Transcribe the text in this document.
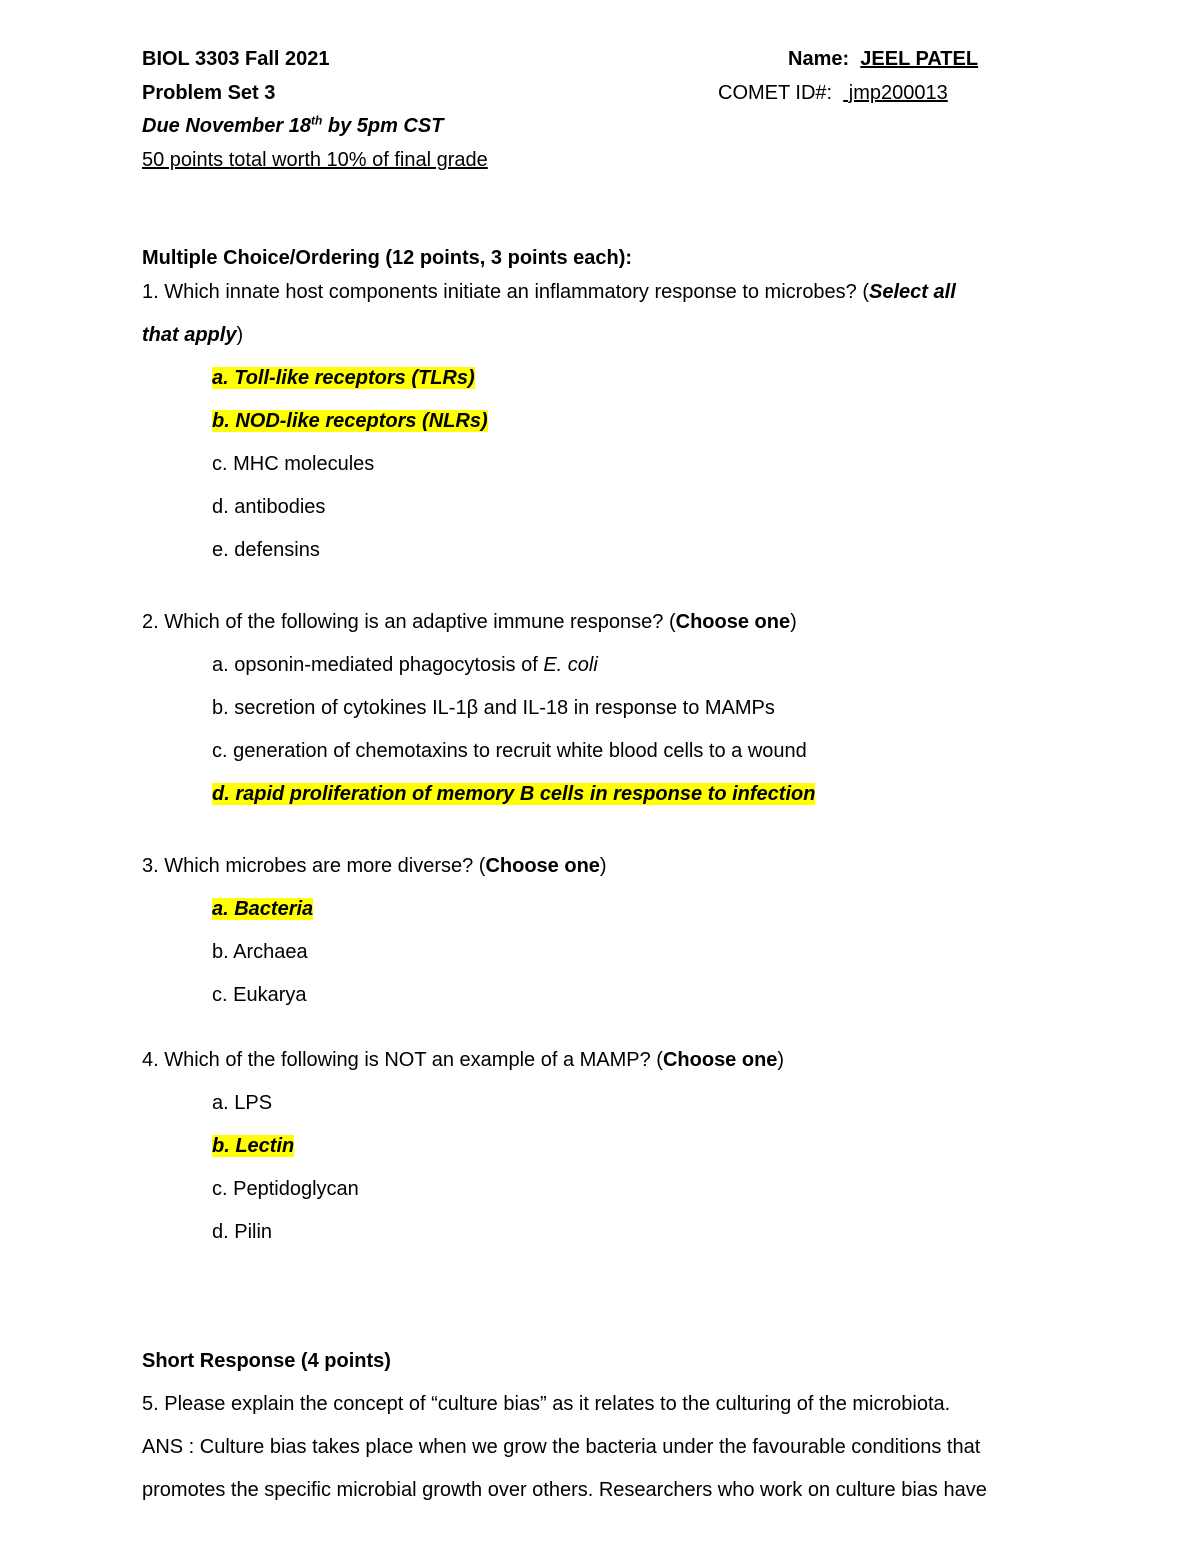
BIOL 3303 Fall 2021
Problem Set 3
Due November 18th by 5pm CST
50 points total worth 10% of final grade
Name: JEEL PATEL
COMET ID#:   jmp200013
Multiple Choice/Ordering (12 points, 3 points each):
1. Which innate host components initiate an inflammatory response to microbes? (Select all
that apply)
a. Toll-like receptors (TLRs)
b. NOD-like receptors (NLRs)
c. MHC molecules
d. antibodies
e. defensins
2. Which of the following is an adaptive immune response? (Choose one)
a. opsonin-mediated phagocytosis of E. coli
b. secretion of cytokines IL-1β and IL-18 in response to MAMPs
c. generation of chemotaxins to recruit white blood cells to a wound
d. rapid proliferation of memory B cells in response to infection
3. Which microbes are more diverse? (Choose one)
a. Bacteria
b. Archaea
c. Eukarya
4. Which of the following is NOT an example of a MAMP? (Choose one)
a. LPS
b. Lectin
c. Peptidoglycan
d. Pilin
Short Response (4 points)
5. Please explain the concept of “culture bias” as it relates to the culturing of the microbiota.
ANS : Culture bias takes place when we grow the bacteria under the favourable conditions that
promotes the specific microbial growth over others. Researchers who work on culture bias have
